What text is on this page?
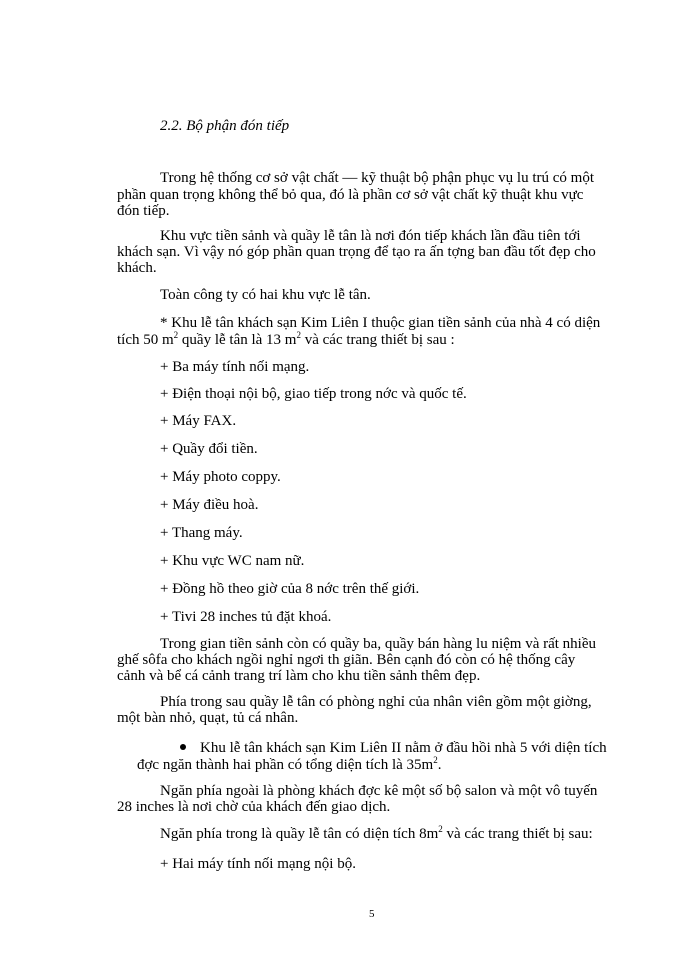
2.2. Bộ phận đón tiếp
Trong hệ thống cơ sở vật chất — kỹ thuật bộ phận phục vụ lu trú có một
phần quan trọng không thể bỏ qua, đó là phần cơ sở vật chất kỹ thuật khu vực
đón tiếp.
Khu vực tiền sảnh và quầy lễ tân là nơi đón tiếp khách lần đầu tiên tới
khách sạn. Vì vậy nó góp phần quan trọng để tạo ra ấn tợng ban đầu tốt đẹp cho
khách.
Toàn công ty có hai khu vực lễ tân.
* Khu lễ tân khách sạn Kim Liên I thuộc gian tiền sảnh của nhà 4 có diện
tích 50 $m^2$ quầy lễ tân là 13 $m^2$ và các trang thiết bị sau :
+ Ba máy tính nối mạng.
+ Điện thoại nội bộ, giao tiếp trong nớc và quốc tế.
+ Máy FAX.
+ Quầy đổi tiền.
+ Máy photo coppy.
+ Máy điều hoà.
+ Thang máy.
+ Khu vực WC nam nữ.
+ Đồng hồ theo giờ của 8 nớc trên thế giới.
+ Tivi 28 inches tủ đặt khoá.
Trong gian tiền sảnh còn có quầy ba, quầy bán hàng lu niệm và rất nhiều
ghế sôfa cho khách ngồi nghỉ ngơi th giãn. Bên cạnh đó còn có hệ thống cây
cảnh và bể cá cảnh trang trí làm cho khu tiền sảnh thêm đẹp.
Phía trong sau quầy lễ tân có phòng nghỉ của nhân viên gồm một giờng,
một bàn nhỏ, quạt, tủ cá nhân.
Khu lễ tân khách sạn Kim Liên II nằm ở đầu hồi nhà 5 với diện tích
đợc ngăn thành hai phần có tổng diện tích là $35m^2$.
Ngăn phía ngoài là phòng khách đợc kê một số bộ salon và một vô tuyến
28 inches là nơi chờ của khách đến giao dịch.
Ngăn phía trong là quầy lễ tân có diện tích $8m^2$ và các trang thiết bị sau:
+ Hai máy tính nối mạng nội bộ.
5
